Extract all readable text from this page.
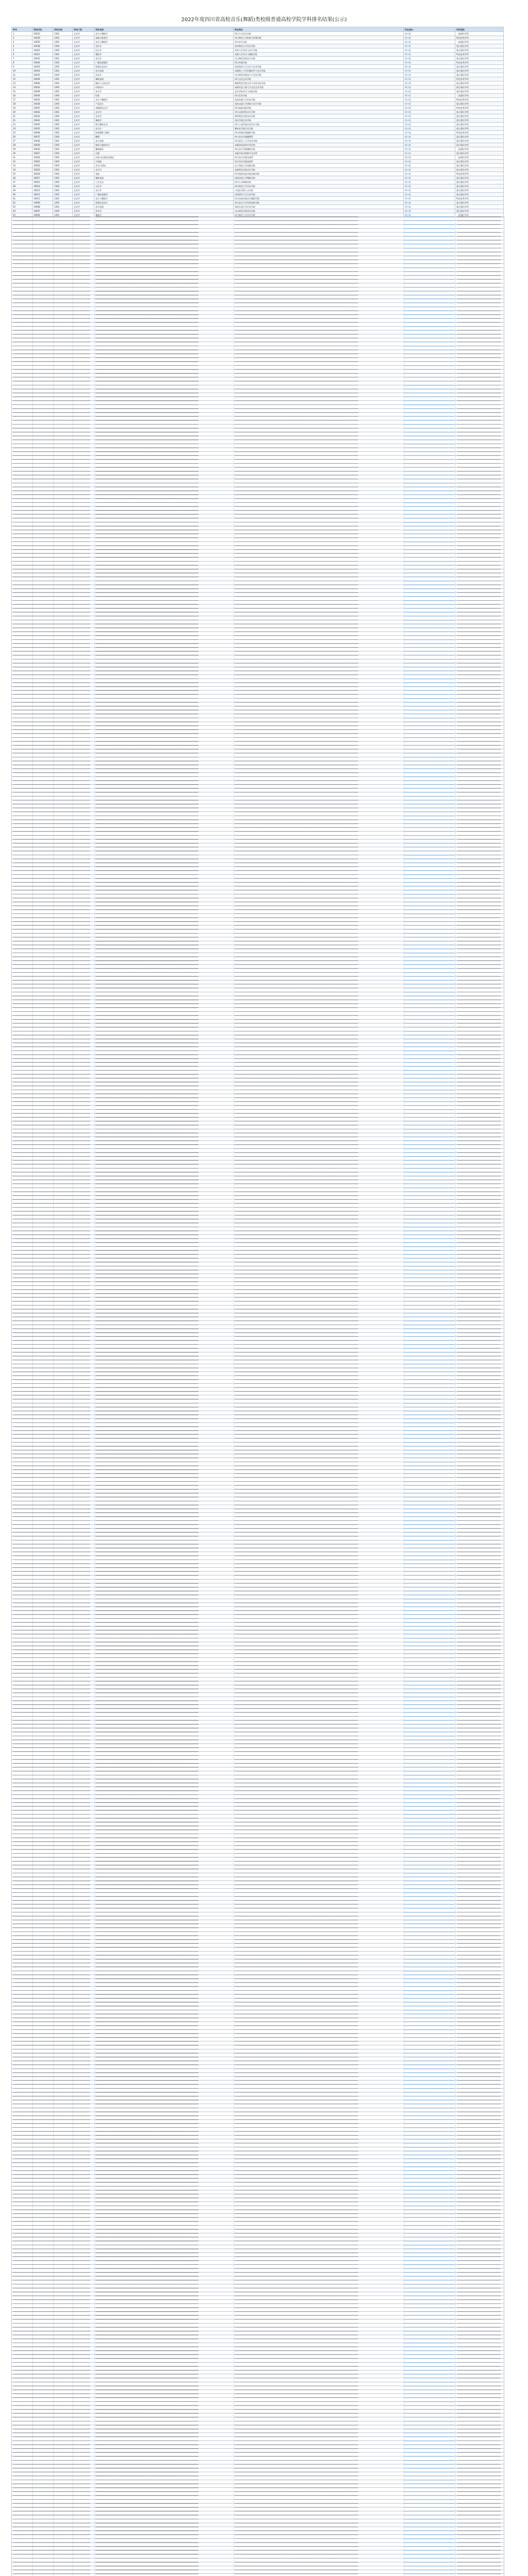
2022年度四川省高校音乐(舞蹈)类校级普通高校学院学科排名结果(公示)
序号	学校代码	学科代码	学科门类	学科名称	所在单位	所在省份	学科类别
1	10610	1301	艺术学	音乐与舞蹈学	四川大学艺术学院	四川省	一流建设学科
2	10636	1302	艺术学	戏剧与影视学	四川师范大学影视与传媒学院	四川省	特色优势学科
3	10650	1301	艺术学	音乐与舞蹈学	四川音乐学院	四川省	一流建设学科
4	10638	1304	艺术学	美术学	西华师范大学美术学院	四川省	重点建设学科
5	10623	1305	艺术学	设计学	西华大学美术与设计学院	四川省	重点建设学科
6	10621	1301	艺术学	舞蹈学	成都大学音乐与舞蹈学院	四川省	特色优势学科
7	10641	1301	艺术学	音乐学	乐山师范学院音乐学院	四川省	重点建设学科
8	10646	1302	艺术学	广播电视编导	四川传媒学院	四川省	特色优势学科
9	10619	1305	艺术学	视觉传达设计	西南科技大学文学与艺术学院	四川省	重点建设学科
10	10616	1301	艺术学	音乐表演	成都理工大学传播科学与艺术学院	四川省	重点建设学科
11	10631	1303	艺术学	美术学	内江师范学院张大千美术学院	四川省	重点建设学科
12	10649	1301	艺术学	舞蹈表演	四川文化艺术学院	四川省	特色优势学科
13	10640	1302	艺术学	播音与主持艺术	绵阳师范学院文学与对外汉语学院	四川省	重点建设学科
14	10632	1305	艺术学	环境设计	成都信息工程大学文化艺术学院	四川省	重点建设学科
15	10639	1301	艺术学	音乐学	宜宾学院音乐与表演学院	四川省	重点建设学科
16	10644	1304	艺术学	绘画	四川美术学院	四川省	一流建设学科
17	10622	1301	艺术学	音乐与舞蹈学	西南民族大学艺术学院	四川省	特色优势学科
18	10628	1305	艺术学	产品设计	西南交通大学建筑与设计学院	四川省	重点建设学科
19	10647	1302	艺术学	戏剧影视文学	四川电影电视学院	四川省	特色优势学科
20	10642	1301	艺术学	音乐学	四川文理学院音乐学院	四川省	重点建设学科
21	10633	1304	艺术学	美术学	阿坝师范学院美术学院	四川省	重点建设学科
22	10643	1301	艺术学	舞蹈学	西昌学院艺术学院	四川省	重点建设学科
23	10645	1305	艺术学	数字媒体艺术	四川工商学院艺术设计学院	四川省	重点建设学科
24	10635	1301	艺术学	音乐学	攀枝花学院艺术学院	四川省	重点建设学科
25	10648	1302	艺术学	影视摄影与制作	四川传媒学院摄影学院	四川省	特色优势学科
26	10637	1304	艺术学	雕塑	四川美术学院雕塑系	四川省	重点建设学科
27	10634	1301	艺术学	音乐表演	四川轻化工大学美术学院	四川省	重点建设学科
28	10629	1305	艺术学	服装与服饰设计	成都纺织高等专科学校	四川省	重点建设学科
29	10630	1301	艺术学	舞蹈编导	四川音乐学院舞蹈学院	四川省	一流建设学科
30	10627	1302	艺术学	动画	成都东软学院数字艺术系	四川省	重点建设学科
31	10626	1301	艺术学	作曲与作曲技术理论	四川音乐学院作曲系	四川省	一流建设学科
32	10625	1304	艺术学	中国画	四川美术学院国画系	四川省	重点建设学科
33	10624	1305	艺术学	艺术与科技	电子科技大学成都学院	四川省	重点建设学科
34	10620	1301	艺术学	音乐学	成都师范学院音乐学院	四川省	重点建设学科
35	10618	1302	艺术学	表演	四川电影电视学院表演学院	四川省	特色优势学科
36	10617	1301	艺术学	舞蹈表演	西南民族大学舞蹈学院	四川省	重点建设学科
37	10615	1305	艺术学	公共艺术	四川大学锦城学院	四川省	重点建设学科
38	10614	1304	艺术学	书法学	四川师范大学美术学院	四川省	重点建设学科
39	10613	1301	艺术学	音乐学	川北医学院人文学院	四川省	重点建设学科
40	10612	1302	艺术学	广播电视编导	西南财经大学天府学院	四川省	重点建设学科
41	10611	1301	艺术学	音乐与舞蹈学	四川民族学院音乐舞蹈学院	四川省	特色优势学科
42	10609	1305	艺术学	视觉传达设计	四川农业大学风景园林学院	四川省	重点建设学科
43	10608	1301	艺术学	音乐表演	西南石油大学艺术学院	四川省	重点建设学科
44	10607	1304	艺术学	美术学	乐山师范学院美术学院	四川省	重点建设学科
45	10606	1301	艺术学	舞蹈学	四川师范大学音乐学院	四川省	一流建设学科
